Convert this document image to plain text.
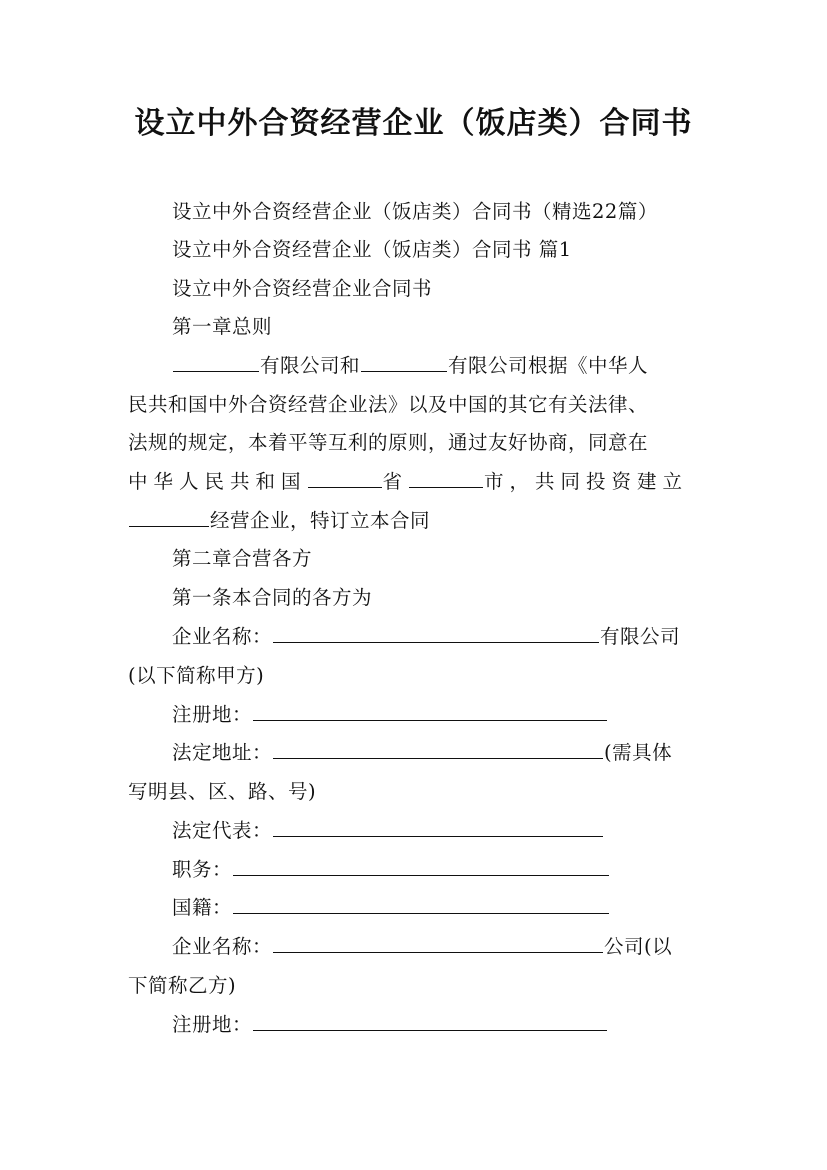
设立中外合资经营企业（饭店类）合同书
设立中外合资经营企业（饭店类）合同书（精选22篇）
设立中外合资经营企业（饭店类）合同书 篇1
设立中外合资经营企业合同书
第一章总则
有限公司和	有限公司根据《中华人
民共和国中外合资经营企业法》以及中国的其它有关法律、
法规的规定，本着平等互利的原则，通过友好协商，同意在
中华人民共和国	省	市，共同投资建立
经营企业，特订立本合同
第二章合营各方
第一条本合同的各方为
企业名称：	有限公司
(以下简称甲方)
注册地：
法定地址：	(需具体
写明县、区、路、号)
法定代表：
职务：
国籍：
企业名称：	公司(以
下简称乙方)
注册地：
